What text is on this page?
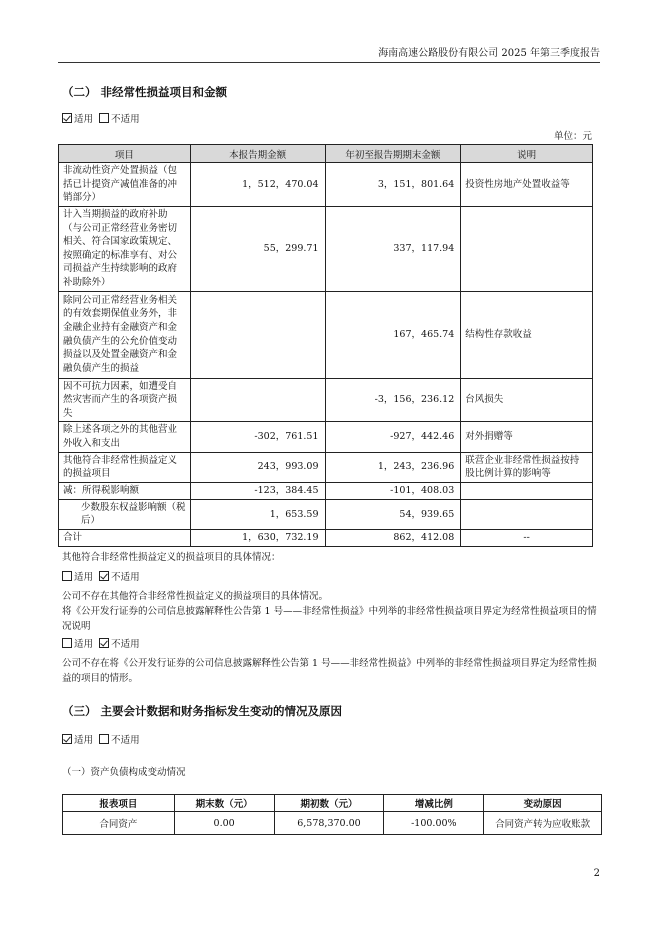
海南高速公路股份有限公司 2025 年第三季度报告
（二） 非经常性损益项目和金额
适用 不适用
单位：元
项目	本报告期金额	年初至报告期期末金额	说明
非流动性资产处置损益（包括已计提资产减值准备的冲销部分）	1，512，470.04	3，151，801.64	投资性房地产处置收益等
计入当期损益的政府补助（与公司正常经营业务密切相关、符合国家政策规定、按照确定的标准享有、对公司损益产生持续影响的政府补助除外）	55，299.71	337，117.94	
除同公司正常经营业务相关的有效套期保值业务外，非金融企业持有金融资产和金融负债产生的公允价值变动损益以及处置金融资产和金融负债产生的损益		167，465.74	结构性存款收益
因不可抗力因素，如遭受自然灾害而产生的各项资产损失		-3，156，236.12	台风损失
除上述各项之外的其他营业外收入和支出	-302，761.51	-927，442.46	对外捐赠等
其他符合非经常性损益定义的损益项目	243，993.09	1，243，236.96	联营企业非经常性损益按持股比例计算的影响等
减：所得税影响额	-123，384.45	-101，408.03	
少数股东权益影响额（税后）	1，653.59	54，939.65	
合计	1，630，732.19	862，412.08	--
其他符合非经常性损益定义的损益项目的具体情况：
适用 不适用
公司不存在其他符合非经常性损益定义的损益项目的具体情况。
将《公开发行证券的公司信息披露解释性公告第 1 号——非经常性损益》中列举的非经常性损益项目界定为经常性损益项目的情况说明
适用 不适用
公司不存在将《公开发行证券的公司信息披露解释性公告第 1 号——非经常性损益》中列举的非经常性损益项目界定为经常性损益的项目的情形。
（三） 主要会计数据和财务指标发生变动的情况及原因
适用 不适用
（一）资产负债构成变动情况
报表项目	期末数（元）	期初数（元）	增减比例	变动原因
合同资产	0.00	6,578,370.00	-100.00%	合同资产转为应收账款
2
